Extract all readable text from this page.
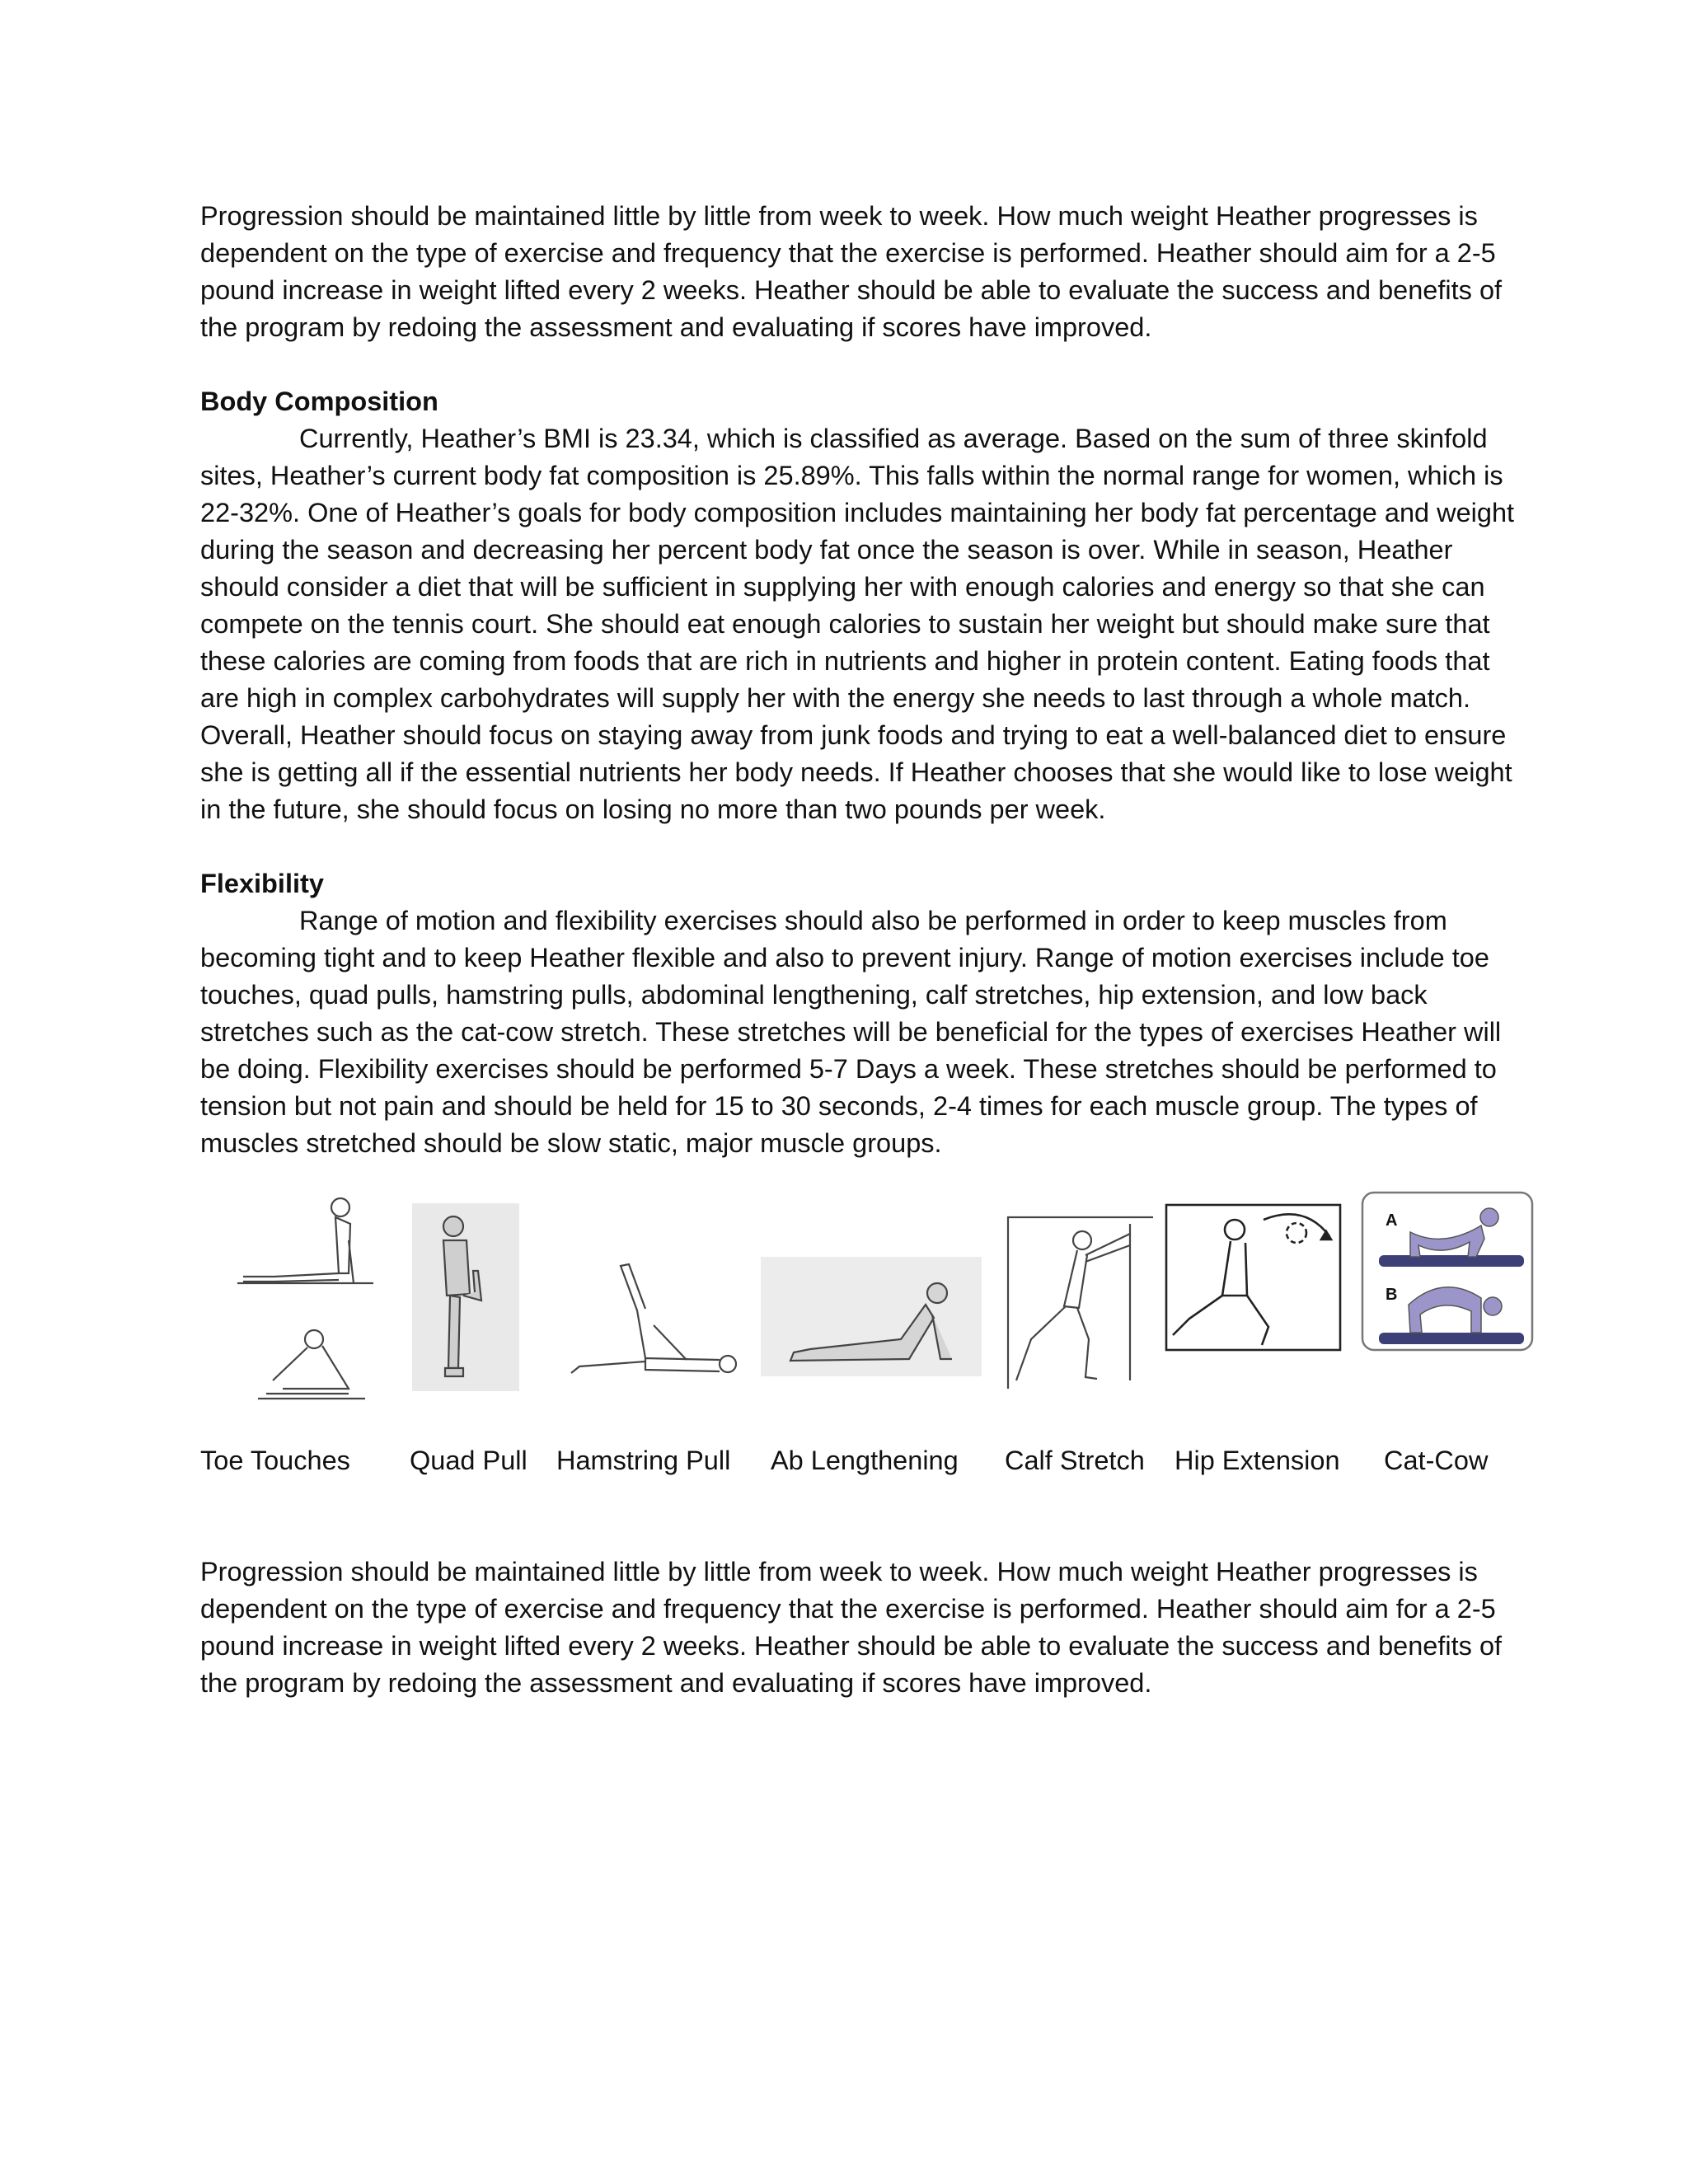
Progression should be maintained little by little from week to week. How much weight Heather progresses is dependent on the type of exercise and frequency that the exercise is performed. Heather should aim for a 2-5 pound increase in weight lifted every 2 weeks. Heather should be able to evaluate the success and benefits of the program by redoing the assessment and evaluating if scores have improved.

Body Composition

Currently, Heather’s BMI is 23.34, which is classified as average. Based on the sum of three skinfold sites, Heather’s current body fat composition is 25.89%. This falls within the normal range for women, which is 22-32%. One of Heather’s goals for body composition includes maintaining her body fat percentage and weight during the season and decreasing her percent body fat once the season is over. While in season, Heather should consider a diet that will be sufficient in supplying her with enough calories and energy so that she can compete on the tennis court. She should eat enough calories to sustain her weight but should make sure that these calories are coming from foods that are rich in nutrients and higher in protein content. Eating foods that are high in complex carbohydrates will supply her with the energy she needs to last through a whole match. Overall, Heather should focus on staying away from junk foods and trying to eat a well-balanced diet to ensure she is getting all if the essential nutrients her body needs. If Heather chooses that she would like to lose weight in the future, she should focus on losing no more than two pounds per week.

Flexibility

Range of motion and flexibility exercises should also be performed in order to keep muscles from becoming tight and to keep Heather flexible and also to prevent injury. Range of motion exercises include toe touches, quad pulls, hamstring pulls, abdominal lengthening, calf stretches, hip extension, and low back stretches such as the cat-cow stretch. These stretches will be beneficial for the types of exercises Heather will be doing. Flexibility exercises should be performed 5-7 Days a week. These stretches should be performed to tension but not pain and should be held for 15 to 30 seconds, 2-4 times for each muscle group. The types of muscles stretched should be slow static, major muscle groups.

A
B
Toe Touches Quad Pull Hamstring Pull Ab Lengthening Calf Stretch Hip Extension Cat-Cow

Progression should be maintained little by little from week to week. How much weight Heather progresses is dependent on the type of exercise and frequency that the exercise is performed. Heather should aim for a 2-5 pound increase in weight lifted every 2 weeks. Heather should be able to evaluate the success and benefits of the program by redoing the assessment and evaluating if scores have improved.
